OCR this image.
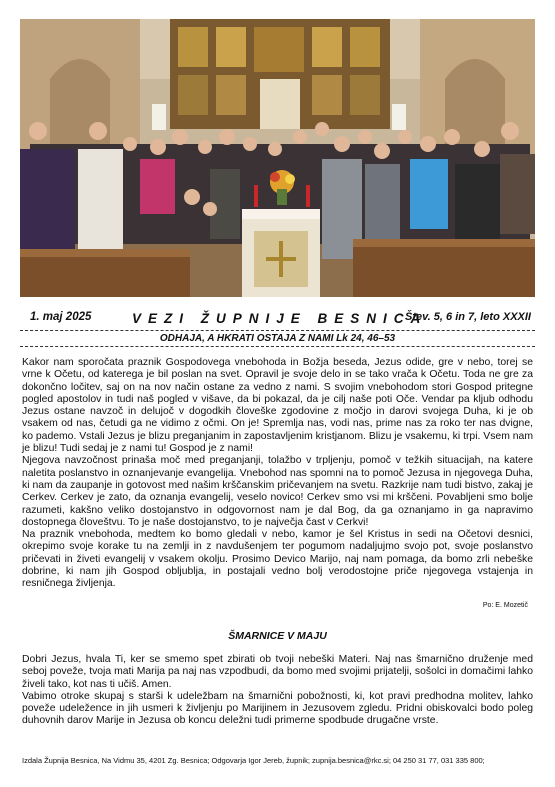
1. maj 2025	VEZI ŽUPNIJE BESNICA
Štev. 5, 6 in 7, leto XXXII
ODHAJA, A HKRATI OSTAJA Z NAMI Lk 24, 46–53

Kakor nam sporočata praznik Gospodovega vnebohoda in Božja beseda, Jezus odide, gre v nebo, torej se vrne k Očetu, od katerega je bil poslan na svet. Opravil je svoje delo in se tako vrača k Očetu. Toda ne gre za dokončno ločitev, saj on na nov način ostane za vedno z nami. S svojim vnebohodom stori Gospod pritegne pogled apostolov in tudi naš pogled v višave, da bi pokazal, da je cilj naše poti Oče. Vendar pa kljub odhodu Jezus ostane navzoč in delujoč v dogodkih človeške zgodovine z močjo in darovi svojega Duha, ki je ob vsakem od nas, četudi ga ne vidimo z očmi. On je! Spremlja nas, vodi nas, prime nas za roko ter nas dvigne, ko pademo. Vstali Jezus je blizu preganjanim in zapostavljenim kristjanom. Blizu je vsakemu, ki trpi. Vsem nam je blizu! Tudi sedaj je z nami tu! Gospod je z nami!

Njegova navzočnost prinaša moč med preganjanji, tolažbo v trpljenju, pomoč v težkih situacijah, na katere naletita poslanstvo in oznanjevanje evangelija. Vnebohod nas spomni na to pomoč Jezusa in njegovega Duha, ki nam da zaupanje in gotovost med našim krščanskim pričevanjem na svetu. Razkrije nam tudi bistvo, zakaj je Cerkev. Cerkev je zato, da oznanja evangelij, veselo novico! Cerkev smo vsi mi krščeni. Povabljeni smo bolje razumeti, kakšno veliko dostojanstvo in odgovornost nam je dal Bog, da ga oznanjamo in ga napravimo dostopnega človeštvu. To je naše dostojanstvo, to je največja čast v Cerkvi!

Na praznik vnebohoda, medtem ko bomo gledali v nebo, kamor je šel Kristus in sedi na Očetovi desnici, okrepimo svoje korake tu na zemlji in z navdušenjem ter pogumom nadaljujmo svojo pot, svoje poslanstvo pričevati in živeti evangelij v vsakem okolju. Prosimo Devico Marijo, naj nam pomaga, da bomo zrli nebeške dobrine, ki nam jih Gospod obljublja, in postajali vedno bolj verodostojne priče njegovega vstajenja in resničnega življenja.

Po: E. Mozetič
ŠMARNICE V MAJU

Dobri Jezus, hvala Ti, ker se smemo spet zbirati ob tvoji nebeški Materi. Naj nas šmarnično druženje med seboj poveže, tvoja mati Marija pa naj nas vzpodbudi, da bomo med svojimi prijatelji, sošolci in domačimi lahko živeli tako, kot nas ti učiš. Amen.

Vabimo otroke skupaj s starši k udeležbam na šmarnični pobožnosti, ki, kot pravi predhodna molitev, lahko poveže udeležence in jih usmeri k življenju po Marijinem in Jezusovem zgledu. Pridni obiskovalci bodo poleg duhovnih darov Marije in Jezusa ob koncu deležni tudi primerne spodbude drugačne vrste.

Izdala Župnija Besnica, Na Vidmu 35, 4201 Zg. Besnica; Odgovarja Igor Jereb, župnik; zupnija.besnica@rkc.si; 04 250 31 77, 031 335 800;
